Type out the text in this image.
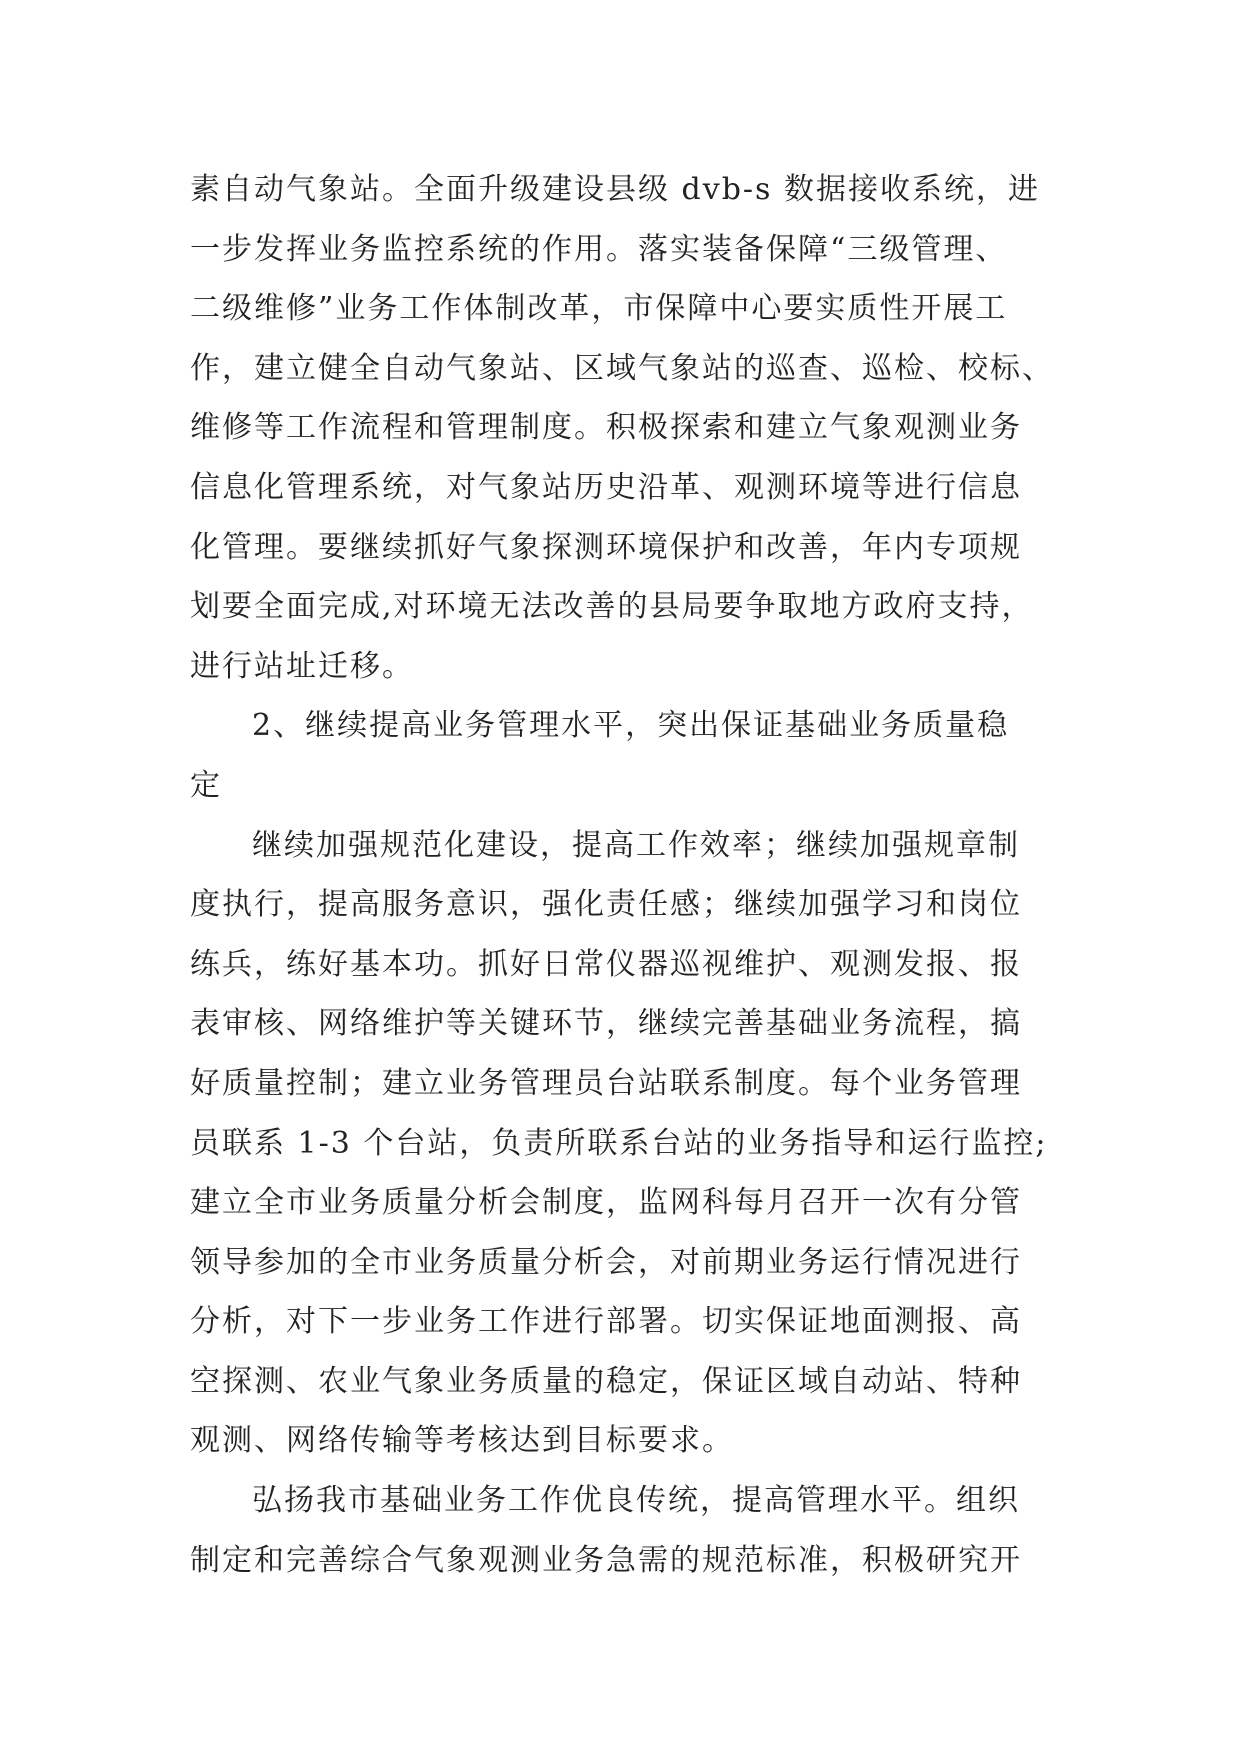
素自动气象站。全面升级建设县级 dvb-s 数据接收系统，进
一步发挥业务监控系统的作用。落实装备保障“三级管理、
二级维修”业务工作体制改革，市保障中心要实质性开展工
作，建立健全自动气象站、区域气象站的巡查、巡检、校标、
维修等工作流程和管理制度。积极探索和建立气象观测业务
信息化管理系统，对气象站历史沿革、观测环境等进行信息
化管理。要继续抓好气象探测环境保护和改善，年内专项规
划要全面完成,对环境无法改善的县局要争取地方政府支持，
进行站址迁移。
2、继续提高业务管理水平，突出保证基础业务质量稳
定
继续加强规范化建设，提高工作效率；继续加强规章制
度执行，提高服务意识，强化责任感；继续加强学习和岗位
练兵，练好基本功。抓好日常仪器巡视维护、观测发报、报
表审核、网络维护等关键环节，继续完善基础业务流程，搞
好质量控制；建立业务管理员台站联系制度。每个业务管理
员联系 1-3 个台站，负责所联系台站的业务指导和运行监控;
建立全市业务质量分析会制度，监网科每月召开一次有分管
领导参加的全市业务质量分析会，对前期业务运行情况进行
分析，对下一步业务工作进行部署。切实保证地面测报、高
空探测、农业气象业务质量的稳定，保证区域自动站、特种
观测、网络传输等考核达到目标要求。
弘扬我市基础业务工作优良传统，提高管理水平。组织
制定和完善综合气象观测业务急需的规范标准，积极研究开
